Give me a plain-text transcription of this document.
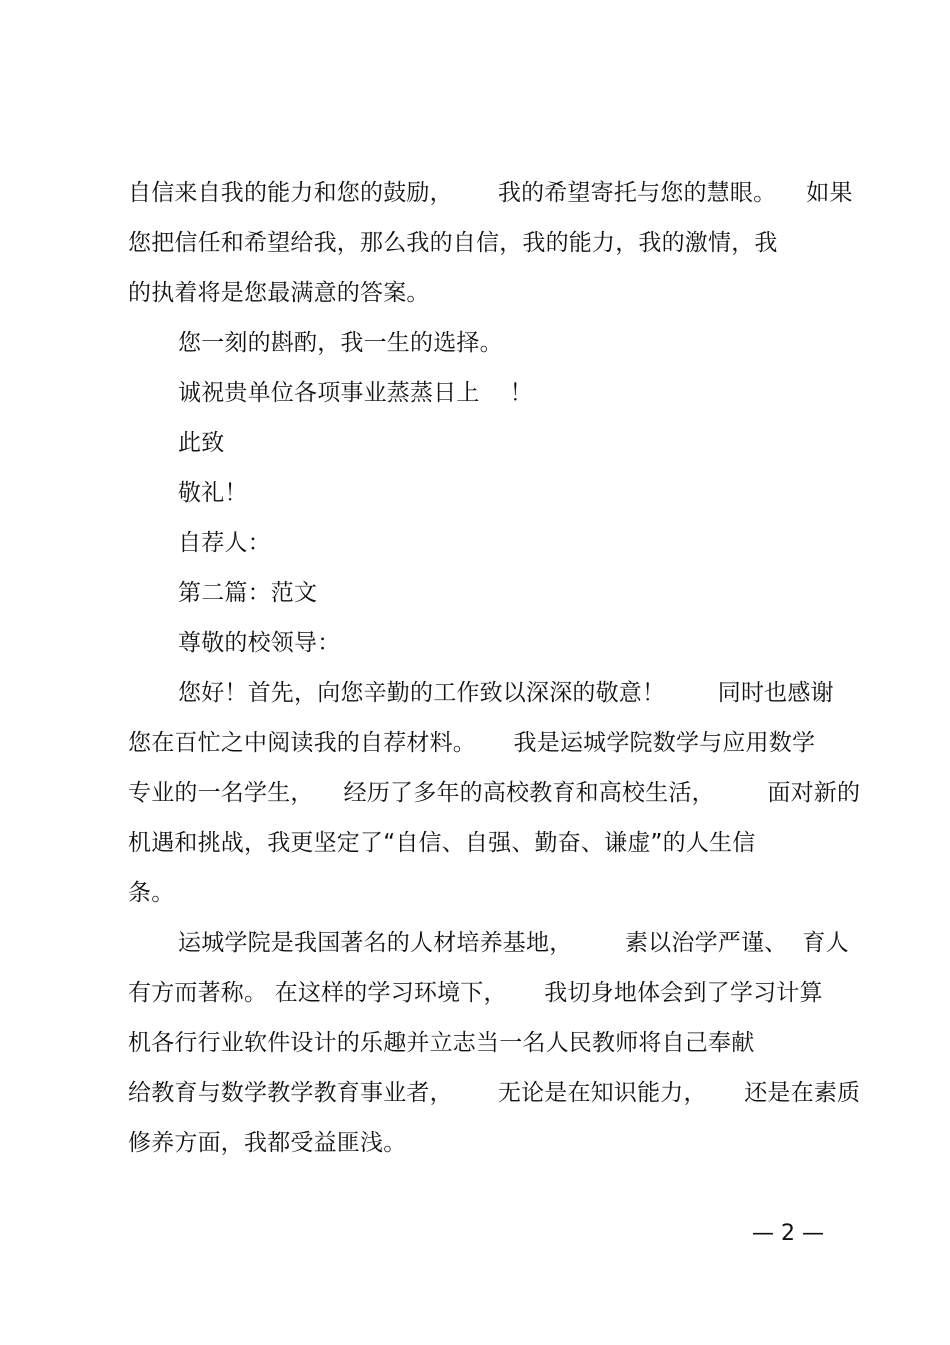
自信来自我的能力和您的鼓励，      我的希望寄托与您的慧眼。    如果
您把信任和希望给我，那么我的自信，我的能力，我的激情，我
的执着将是您最满意的答案。
您一刻的斟酌，我一生的选择。
诚祝贵单位各项事业蒸蒸日上    ！
此致
敬礼！
自荐人：
第二篇：范文
尊敬的校领导：
您好！首先，向您辛勤的工作致以深深的敬意！       同时也感谢
您在百忙之中阅读我的自荐材料。     我是运城学院数学与应用数学
专业的一名学生，    经历了多年的高校教育和高校生活，       面对新的
机遇和挑战，我更坚定了“自信、自强、勤奋、谦虚”的人生信
条。
运城学院是我国著名的人材培养基地，       素以治学严谨、  育人
有方而著称。 在这样的学习环境下，     我切身地体会到了学习计算
机各行行业软件设计的乐趣并立志当一名人民教师将自己奉献
给教育与数学教学教育事业者，      无论是在知识能力，     还是在素质
修养方面，我都受益匪浅。
— 2 —
